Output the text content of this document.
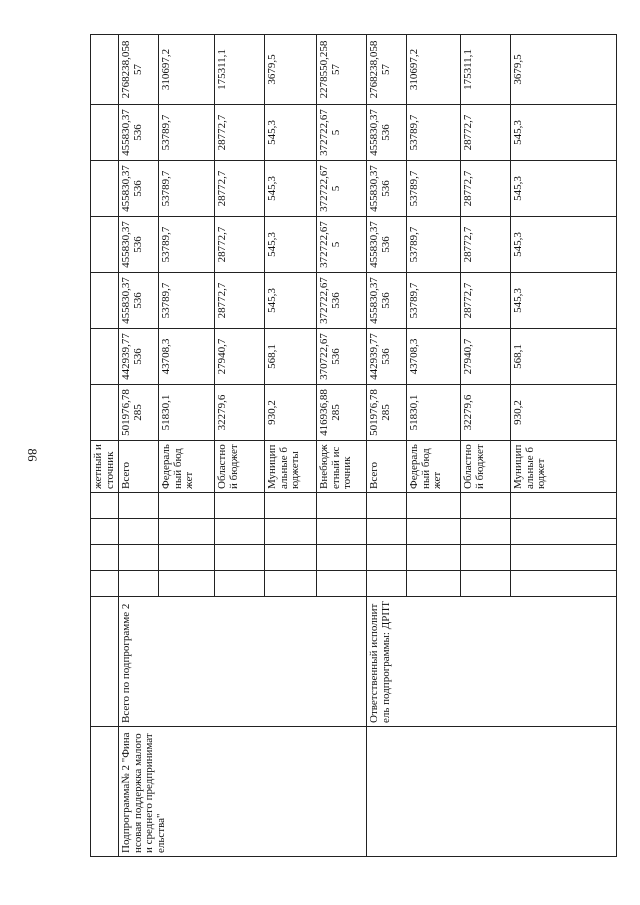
86
							жетный источник							
Подпрограмма№ 2 "Финансовая поддержка малого и среднего предпринимательства"	Всего по подпрограмме 2					Всего	501976,78285	442939,77536	455830,37536	455830,37536	455830,37536	455830,37536	2768238,05857
						Федеральный бюджет	51830,1	43708,3	53789,7	53789,7	53789,7	53789,7	310697,2
						Областной бюджет	32279,6	27940,7	28772,7	28772,7	28772,7	28772,7	175311,1
						Муниципальные бюджеты	930,2	568,1	545,3	545,3	545,3	545,3	3679,5
						Внебюджетный источник	416936,88285	370722,67536	372722,67536	372722,675	372722,675	372722,675	2278550,25857
	Ответственный исполнитель подпрограммы: ДРПТ					Всего	501976,78285	442939,77536	455830,37536	455830,37536	455830,37536	455830,37536	2768238,05857
						Федеральный бюджет	51830,1	43708,3	53789,7	53789,7	53789,7	53789,7	310697,2
						Областной бюджет	32279,6	27940,7	28772,7	28772,7	28772,7	28772,7	175311,1
						Муниципальные бюджет	930,2	568,1	545,3	545,3	545,3	545,3	3679,5
